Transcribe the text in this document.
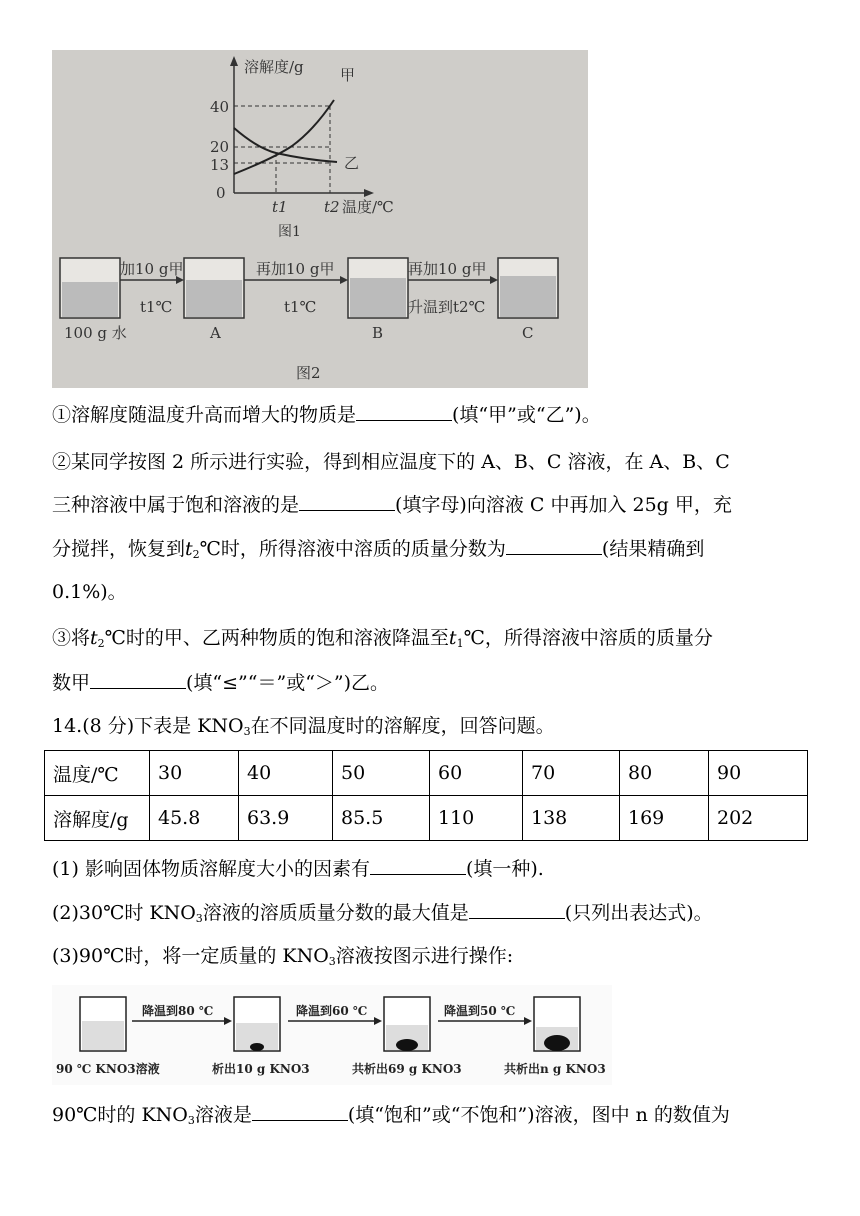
溶解度/g 甲
40
20
13
0
乙
t1 t2 温度/℃
图1
加10 g甲	再加10 g甲	再加10 g甲
升温到t2℃
t1℃	t1℃
100 g 水	A	B	C
图2
①溶解度随温度升高而增大的物质是	(填“甲”或“乙”)。
②某同学按图 2 所示进行实验，得到相应温度下的 A、B、C 溶液，在 A、B、C
三种溶液中属于饱和溶液的是	(填字母)向溶液 C 中再加入 25g 甲，充
分搅拌，恢复到$t_2℃$时，所得溶液中溶质的质量分数为	(结果精确到
0.1%)。
③将$t_2℃$时的甲、乙两种物质的饱和溶液降温至$t_1℃$，所得溶液中溶质的质量分
数甲	(填“≤”“＝”或“＞”)乙。
14.(8 分)下表是 $KNO_3$在不同温度时的溶解度，回答问题。
温度/℃	30	40	50	60	70	80	90
溶解度/g	45.8	63.9	85.5	110	138	169	202
(1) 影响固体物质溶解度大小的因素有	(填一种).
(2)30℃时 $KNO_3$溶液的溶质质量分数的最大值是	(只列出表达式)。
(3)90℃时，将一定质量的 $KNO_3$溶液按图示进行操作:
降温到80 ℃	降温到60 ℃	降温到50 ℃
90 ℃ KNO3溶液	析出10 g KNO3	共析出69 g KNO3	共析出n g KNO3
90℃时的 $KNO_3$溶液是	(填“饱和”或“不饱和”)溶液，图中 n 的数值为
